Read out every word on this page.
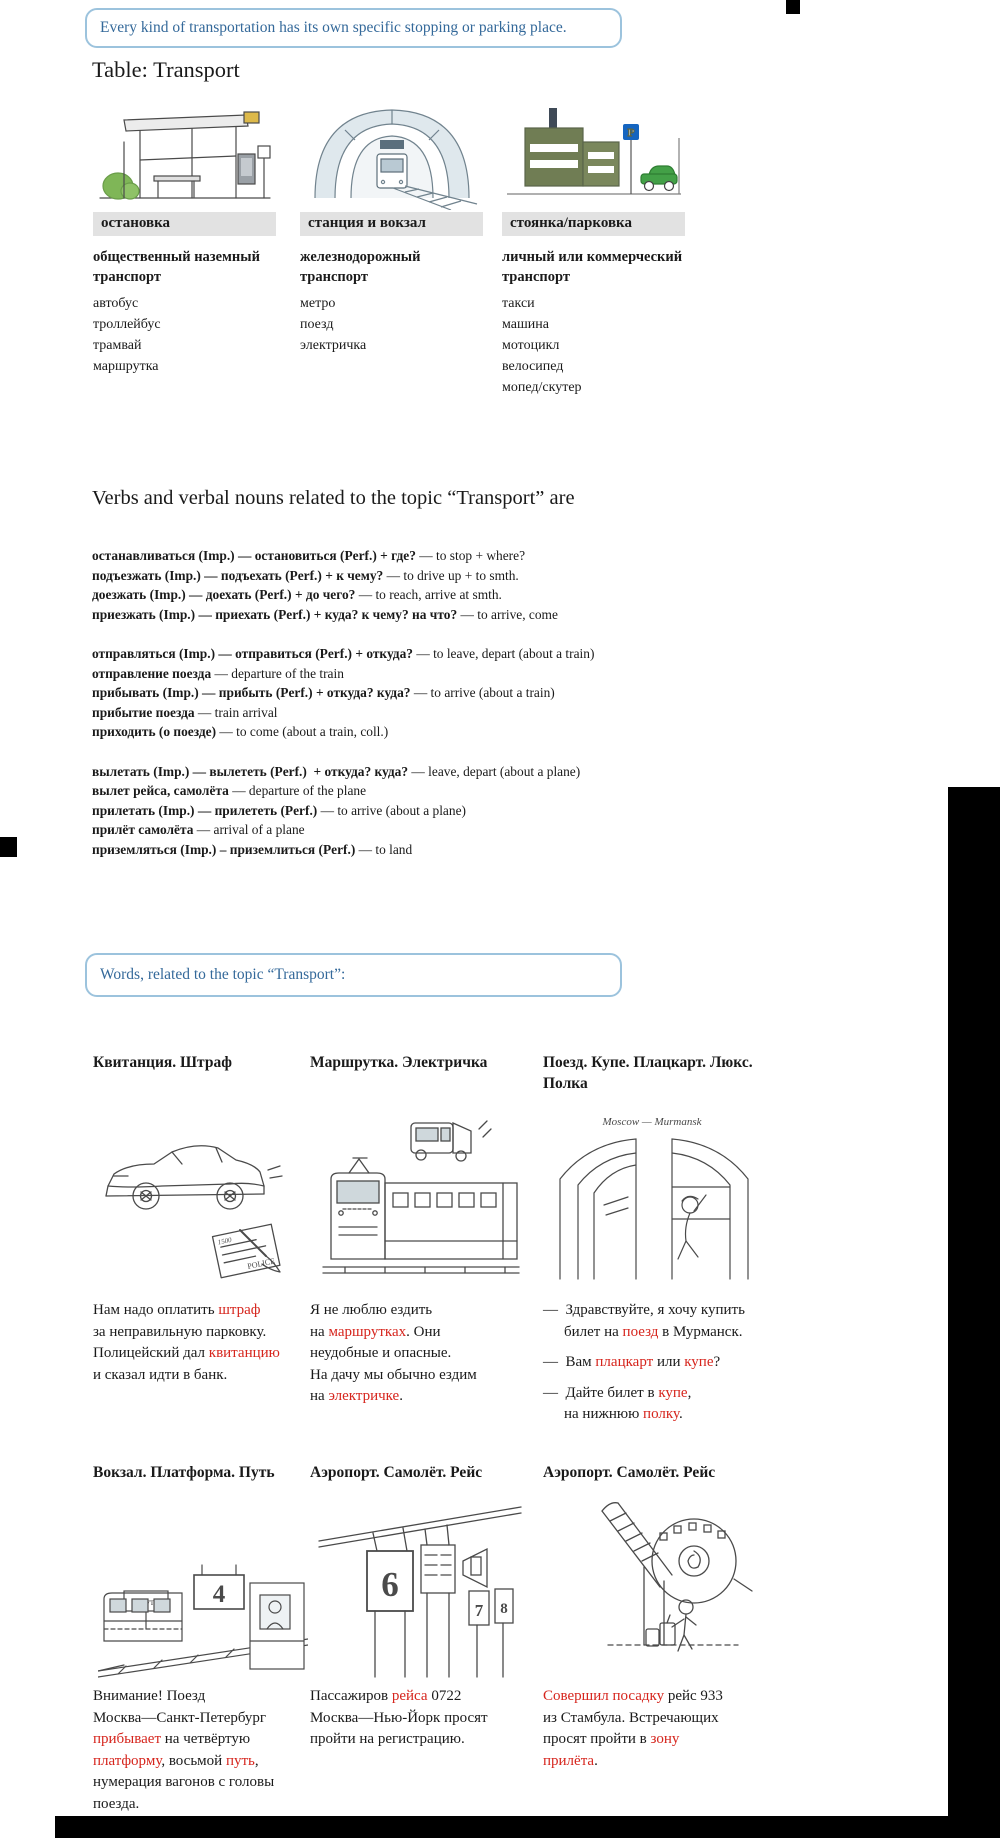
Every kind of transportation has its own specific stopping or parking place.
Table: Transport
остановка
общественный наземный транспорт
автобус
троллейбус
трамвай
маршрутка
станция и вокзал
железнодорожный транспорт
метро
поезд
электричка
P
стоянка/парковка
личный или коммерческий транспорт
такси
машина
мотоцикл
велосипед
мопед/скутер
Verbs and verbal nouns related to the topic “Transport” are
останавливаться (Imp.) — остановиться (Perf.) + где? — to stop + where?
подъезжать (Imp.) — подъехать (Perf.) + к чему? — to drive up + to smth.
доезжать (Imp.) — доехать (Perf.) + до чего? — to reach, arrive at smth.
приезжать (Imp.) — приехать (Perf.) + куда? к чему? на что? — to arrive, come
отправляться (Imp.) — отправиться (Perf.) + откуда? — to leave, depart (about a train)
отправление поезда — departure of the train
прибывать (Imp.) — прибыть (Perf.) + откуда? куда? — to arrive (about a train)
прибытие поезда — train arrival
приходить (о поезде) — to come (about a train, coll.)
вылетать (Imp.) — вылететь (Perf.)  + откуда? куда? — leave, depart (about a plane)
вылет рейса, самолёта — departure of the plane
прилетать (Imp.) — прилететь (Perf.) — to arrive (about a plane)
прилёт самолёта — arrival of a plane
приземляться (Imp.) – приземлиться (Perf.) — to land
Words, related to the topic “Transport”:
Квитанция. Штраф
POLICE
1500
Нам надо оплатить штраф
за неправильную парковку.
Полицейский дал квитанцию
и сказал идти в банк.
Маршрутка. Электричка
Я не люблю ездить
на маршрутках. Они
неудобные и опасные.
На дачу мы обычно ездим
на электричке.
Поезд. Купе. Плацкарт. Люкс. Полка
Moscow — Murmansk
—  Здравствуйте, я хочу купить
билет на поезд в Мурманск.
—  Вам плацкарт или купе?
—  Дайте билет в купе,
на нижнюю полку.
Вокзал. Платформа. Путь
путь 4
Внимание! Поезд
Москва—Санкт-Петербург
прибывает на четвёртую
платформу, восьмой путь,
нумерация вагонов с головы
поезда.
Аэропорт. Самолёт. Рейс
6
7 8
Пассажиров рейса 0722
Москва—Нью-Йорк просят
пройти на регистрацию.
Аэропорт. Самолёт. Рейс
Совершил посадку рейс 933
из Стамбула. Встречающих
просят пройти в зону
прилёта.
